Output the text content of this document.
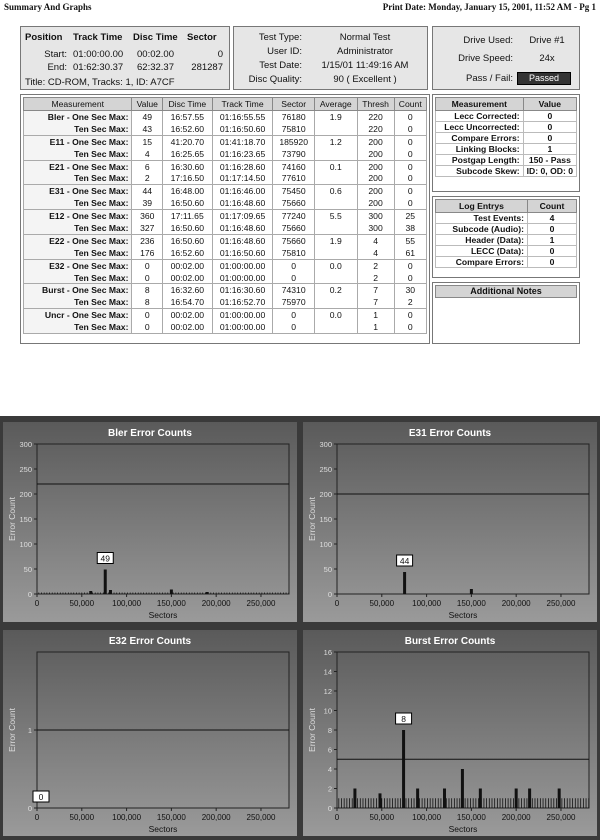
Summary And Graphs	Print Date: Monday, January 15, 2001, 11:52 AM - Pg 1
Position Track Time Disc Time Sector
Start: 01:00:00.00 00:02.00	0
End: 01:62:30.37 62:32.37	281287
Title: CD-ROM, Tracks: 1, ID: A7CF
Test Type:	Normal Test
User ID:	Administrator
Test Date:	1/15/01 11:49:16 AM
Disc Quality:	90 ( Excellent )
Drive Used:	Drive #1
Drive Speed:	24x
Pass / Fail:	Passed
Measurement	Value	Disc Time	Track Time	Sector	Average	Thresh	Count
Bler - One Sec Max:	49	16:57.55	01:16:55.55	76180	1.9	220	0
Ten Sec Max:	43	16:52.60	01:16:50.60	75810		220	0
E11 - One Sec Max:	15	41:20.70	01:41:18.70	185920	1.2	200	0
Ten Sec Max:	4	16:25.65	01:16:23.65	73790		200	0
E21 - One Sec Max:	6	16:30.60	01:16:28.60	74160	0.1	200	0
Ten Sec Max:	2	17:16.50	01:17:14.50	77610		200	0
E31 - One Sec Max:	44	16:48.00	01:16:46.00	75450	0.6	200	0
Ten Sec Max:	39	16:50.60	01:16:48.60	75660		200	0
E12 - One Sec Max:	360	17:11.65	01:17:09.65	77240	5.5	300	25
Ten Sec Max:	327	16:50.60	01:16:48.60	75660		300	38
E22 - One Sec Max:	236	16:50.60	01:16:48.60	75660	1.9	4	55
Ten Sec Max:	176	16:52.60	01:16:50.60	75810		4	61
E32 - One Sec Max:	0	00:02.00	01:00:00.00	0	0.0	2	0
Ten Sec Max:	0	00:02.00	01:00:00.00	0		2	0
Burst - One Sec Max:	8	16:32.60	01:16:30.60	74310	0.2	7	30
Ten Sec Max:	8	16:54.70	01:16:52.70	75970		7	2
Uncr - One Sec Max:	0	00:02.00	01:00:00.00	0	0.0	1	0
Ten Sec Max:	0	00:02.00	01:00:00.00	0		1	0
Measurement	Value
Lecc Corrected:	0
Lecc Uncorrected:	0
Compare Errors:	0
Linking Blocks:	1
Postgap Length:	150 - Pass
Subcode Skew:	ID: 0, OD: 0
Log Entrys	Count
Test Events:	4
Subcode (Audio):	0
Header (Data):	1
LECC (Data):	0
Compare Errors:	0
Additional Notes
Bler Error Counts
0
50
100
150
200
250
300
0	50,000 100,000 150,000 200,000 250,000
Sectors
Error Count
49
E31 Error Counts
0
50
100
150
200
250
300
0	50,000 100,000 150,000 200,000 250,000
Sectors
Error Count
44
E32 Error Counts
0
1
0	50,000 100,000 150,000 200,000 250,000
Sectors
Error Count
0
Burst Error Counts
0
2
4
6
8
10
12
14
16
0	50,000 100,000 150,000 200,000 250,000
Sectors
Error Count	8
